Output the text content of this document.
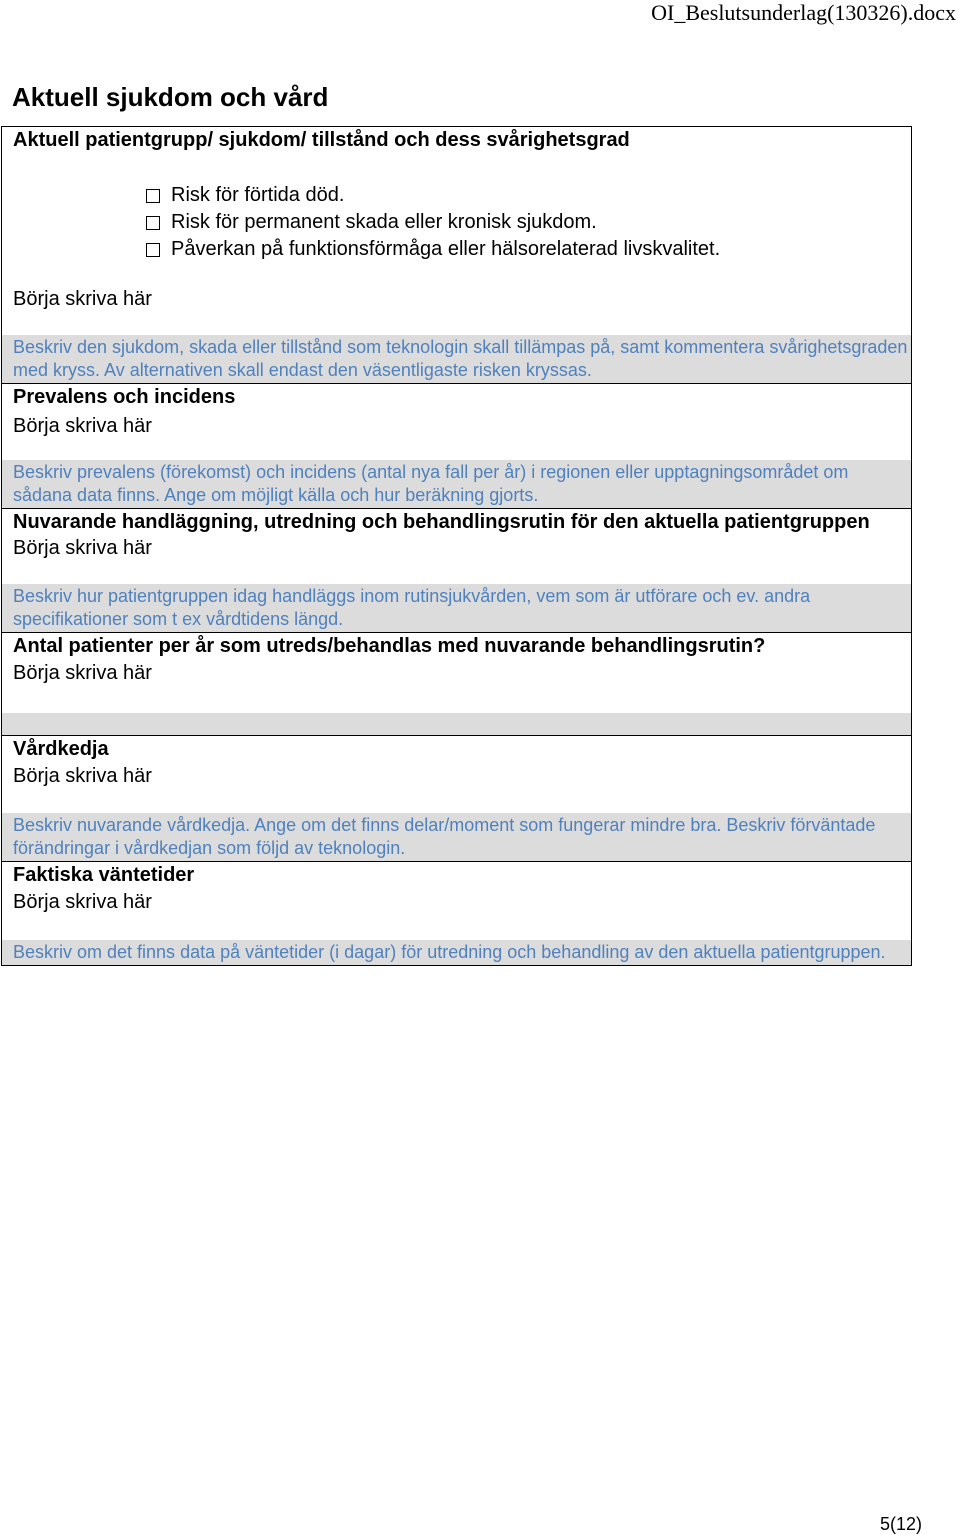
OI_Beslutsunderlag(130326).docx
Aktuell sjukdom och vård
Aktuell patientgrupp/ sjukdom/ tillstånd och dess svårighetsgrad
Risk för förtida död.
Risk för permanent skada eller kronisk sjukdom.
Påverkan på funktionsförmåga eller hälsorelaterad livskvalitet.
Börja skriva här
Beskriv den sjukdom, skada eller tillstånd som teknologin skall tillämpas på, samt kommentera svårighetsgraden med kryss. Av alternativen skall endast den väsentligaste risken kryssas.
Prevalens och incidens
Börja skriva här
Beskriv prevalens (förekomst) och incidens (antal nya fall per år) i regionen eller upptagningsområdet om sådana data finns. Ange om möjligt källa och hur beräkning gjorts.
Nuvarande handläggning, utredning och behandlingsrutin för den aktuella patientgruppen
Börja skriva här
Beskriv hur patientgruppen idag handläggs inom rutinsjukvården, vem som är utförare och ev. andra specifikationer som t ex vårdtidens längd.
Antal patienter per år som utreds/behandlas med nuvarande behandlingsrutin?
Börja skriva här
Vårdkedja
Börja skriva här
Beskriv nuvarande vårdkedja. Ange om det finns delar/moment som fungerar mindre bra. Beskriv förväntade förändringar i vårdkedjan som följd av teknologin.
Faktiska väntetider
Börja skriva här
Beskriv om det finns data på väntetider (i dagar) för utredning och behandling av den aktuella patientgruppen.
5(12)
